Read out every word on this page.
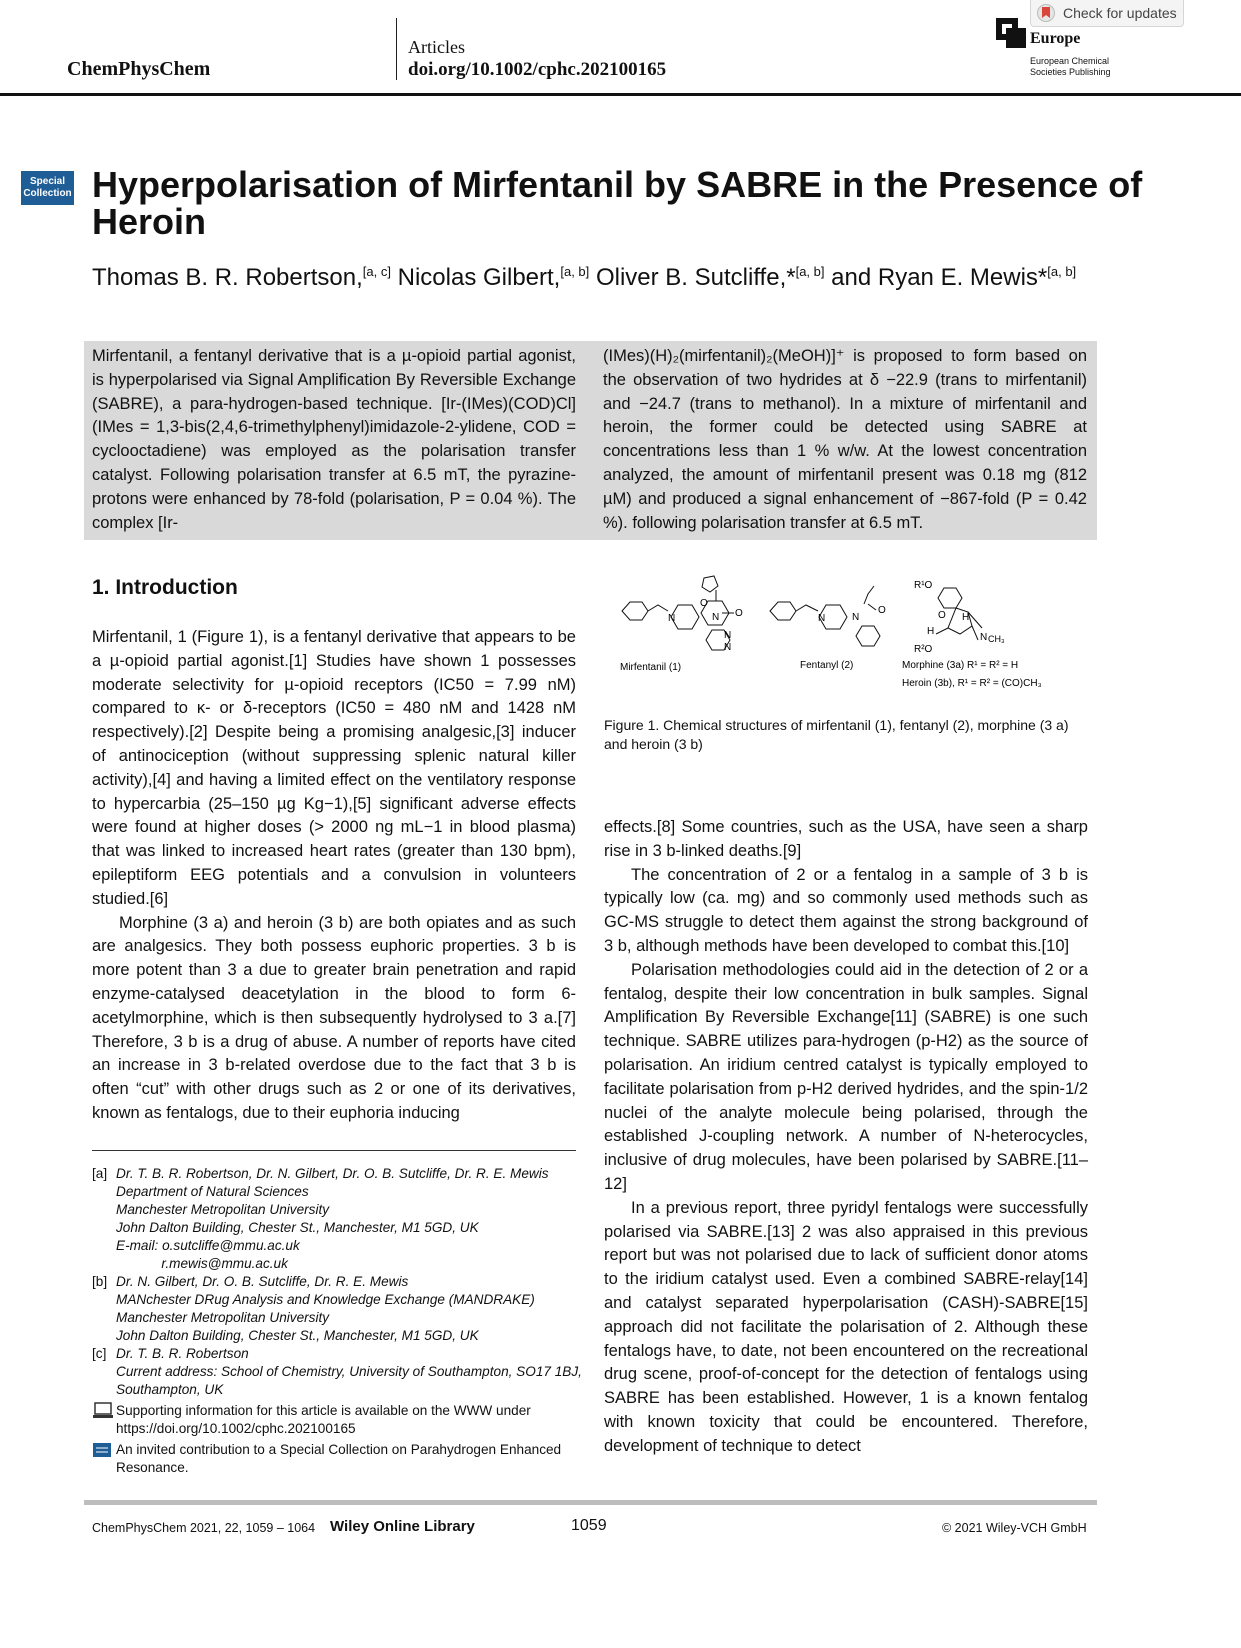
ChemPhysChem
Articles
doi.org/10.1002/cphc.202100165
Europe
European Chemical
Societies Publishing
Check for updates
Special
Collection Hyperpolarisation of Mirfentanil by SABRE in the Presence of Heroin
Thomas B. R. Robertson,[a, c] Nicolas Gilbert,[a, b] Oliver B. Sutcliffe,*[a, b] and Ryan E. Mewis*[a, b]
Mirfentanil, a fentanyl derivative that is a µ-opioid partial agonist, is hyperpolarised via Signal Amplification By Reversible Exchange (SABRE), a para-hydrogen-based technique. [Ir-(IMes)(COD)Cl] (IMes = 1,3-bis(2,4,6-trimethylphenyl)imidazole-2-ylidene, COD = cyclooctadiene) was employed as the polarisation transfer catalyst. Following polarisation transfer at 6.5 mT, the pyrazine-protons were enhanced by 78-fold (polarisation, P = 0.04 %). The complex [Ir-
(IMes)(H)₂(mirfentanil)₂(MeOH)]⁺ is proposed to form based on the observation of two hydrides at δ −22.9 (trans to mirfentanil) and −24.7 (trans to methanol). In a mixture of mirfentanil and heroin, the former could be detected using SABRE at concentrations less than 1 % w/w. At the lowest concentration analyzed, the amount of mirfentanil present was 0.18 mg (812 µM) and produced a signal enhancement of −867-fold (P = 0.42 %). following polarisation transfer at 6.5 mT.
1. Introduction

Mirfentanil, 1 (Figure 1), is a fentanyl derivative that appears to be a µ-opioid partial agonist.[1] Studies have shown 1 possesses moderate selectivity for µ-opioid receptors (IC50 = 7.99 nM) compared to κ- or δ-receptors (IC50 = 480 nM and 1428 nM respectively).[2] Despite being a promising analgesic,[3] inducer of antinociception (without suppressing splenic natural killer activity),[4] and having a limited effect on the ventilatory response to hypercarbia (25–150 µg Kg−1),[5] significant adverse effects were found at higher doses (> 2000 ng mL−1 in blood plasma) that was linked to increased heart rates (greater than 130 bpm), epileptiform EEG potentials and a convulsion in volunteers studied.[6]

Morphine (3 a) and heroin (3 b) are both opiates and as such are analgesics. They both possess euphoric properties. 3 b is more potent than 3 a due to greater brain penetration and rapid enzyme-catalysed deacetylation in the blood to form 6-acetylmorphine, which is then subsequently hydrolysed to 3 a.[7] Therefore, 3 b is a drug of abuse. A number of reports have cited an increase in 3 b-related overdose due to the fact that 3 b is often “cut” with other drugs such as 2 or one of its derivatives, known as fentalogs, due to their euphoria inducing

N	N O
O
N
N
N	N
O
R¹O
O
H
H
N CH₃
R²O
Mirfentanil (1)	Fentanyl (2)	Morphine (3a) R¹ = R² = H
Heroin (3b), R¹ = R² = (CO)CH₃
Figure 1. Chemical structures of mirfentanil (1), fentanyl (2), morphine (3 a) and heroin (3 b)

effects.[8] Some countries, such as the USA, have seen a sharp rise in 3 b-linked deaths.[9]

The concentration of 2 or a fentalog in a sample of 3 b is typically low (ca. mg) and so commonly used methods such as GC-MS struggle to detect them against the strong background of 3 b, although methods have been developed to combat this.[10]

Polarisation methodologies could aid in the detection of 2 or a fentalog, despite their low concentration in bulk samples. Signal Amplification By Reversible Exchange[11] (SABRE) is one such technique. SABRE utilizes para-hydrogen (p-H2) as the source of polarisation. An iridium centred catalyst is typically employed to facilitate polarisation from p-H2 derived hydrides, and the spin-1/2 nuclei of the analyte molecule being polarised, through the established J-coupling network. A number of N-heterocycles, inclusive of drug molecules, have been polarised by SABRE.[11–12]

In a previous report, three pyridyl fentalogs were successfully polarised via SABRE.[13] 2 was also appraised in this previous report but was not polarised due to lack of sufficient donor atoms to the iridium catalyst used. Even a combined SABRE-relay[14] and catalyst separated hyperpolarisation (CASH)-SABRE[15] approach did not facilitate the polarisation of 2. Although these fentalogs have, to date, not been encountered on the recreational drug scene, proof-of-concept for the detection of fentalogs using SABRE has been established. However, 1 is a known fentalog with known toxicity that could be encountered. Therefore, development of technique to detect

[a] Dr. T. B. R. Robertson, Dr. N. Gilbert, Dr. O. B. Sutcliffe, Dr. R. E. Mewis
Department of Natural Sciences
Manchester Metropolitan University
John Dalton Building, Chester St., Manchester, M1 5GD, UK
E-mail: o.sutcliffe@mmu.ac.uk
r.mewis@mmu.ac.uk
[b] Dr. N. Gilbert, Dr. O. B. Sutcliffe, Dr. R. E. Mewis
MANchester DRug Analysis and Knowledge Exchange (MANDRAKE)
Manchester Metropolitan University
John Dalton Building, Chester St., Manchester, M1 5GD, UK
[c] Dr. T. B. R. Robertson
Current address: School of Chemistry, University of Southampton, SO17 1BJ,
Southampton, UK
Supporting information for this article is available on the WWW under https://doi.org/10.1002/cphc.202100165
An invited contribution to a Special Collection on Parahydrogen Enhanced Resonance.
ChemPhysChem 2021, 22, 1059 – 1064 Wiley Online Library	1059	© 2021 Wiley-VCH GmbH
